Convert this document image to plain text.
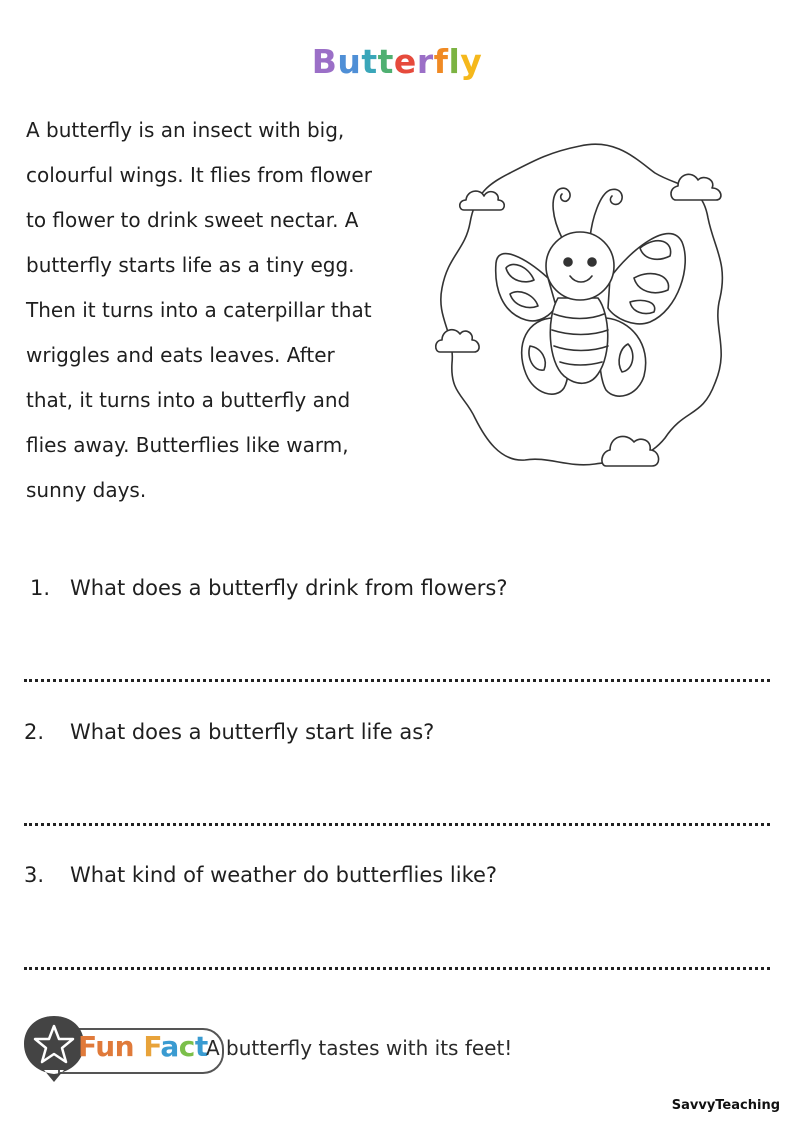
Butterfly
A butterfly is an insect with big,
colourful wings. It flies from flower
to flower to drink sweet nectar. A
butterfly starts life as a tiny egg.
Then it turns into a caterpillar that
wriggles and eats leaves. After
that, it turns into a butterfly and
flies away. Butterflies like warm,
sunny days.
1. What does a butterfly drink from flowers?
2. What does a butterfly start life as?
3. What kind of weather do butterflies like?
Fun Fact
A butterfly tastes with its feet!
SavvyTeaching
